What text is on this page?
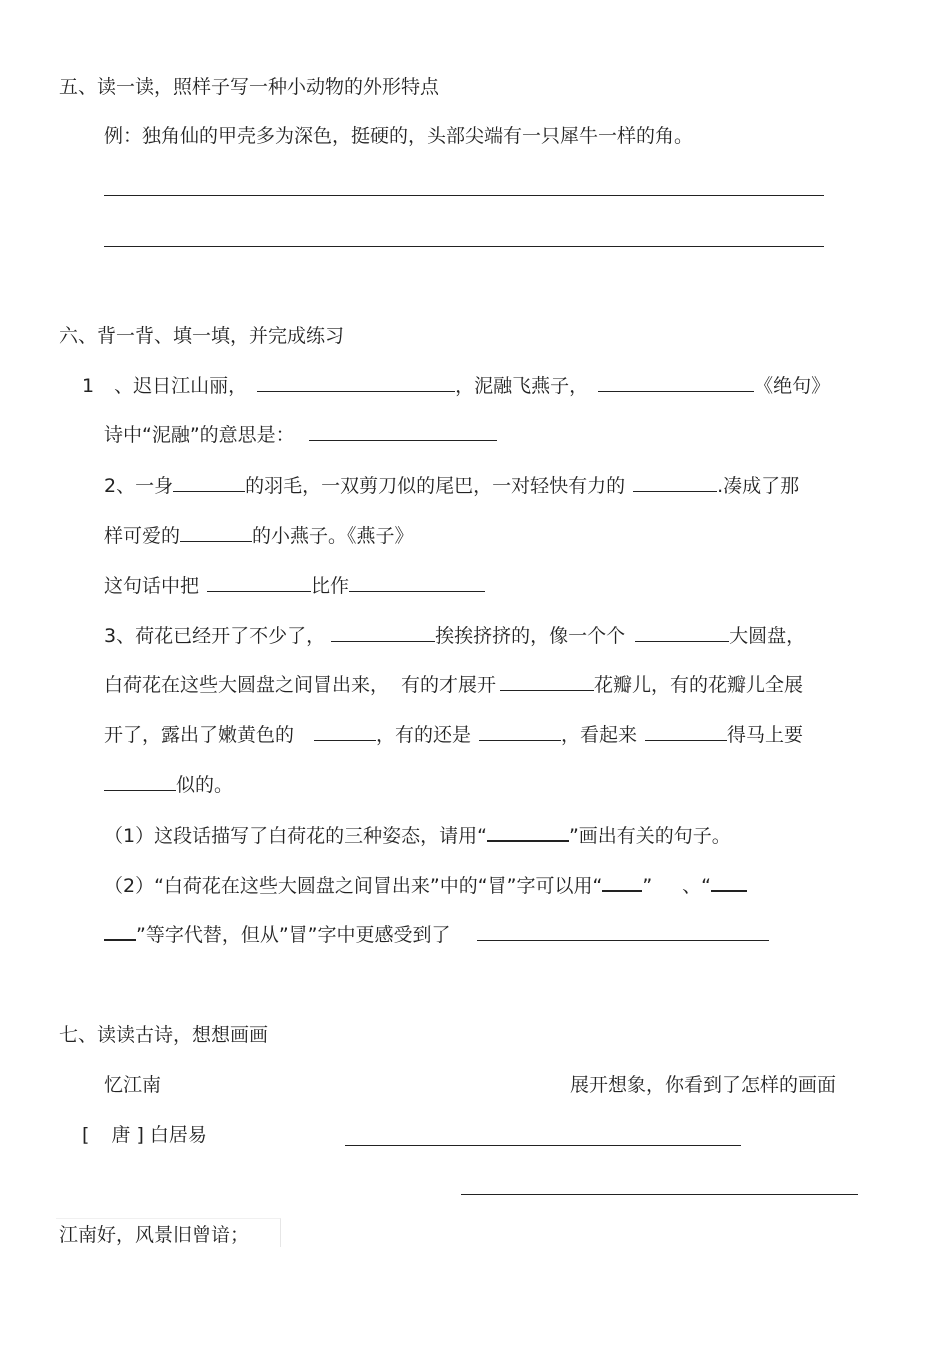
五、读一读，照样子写一种小动物的外形特点
例：独角仙的甲壳多为深色，挺硬的，头部尖端有一只犀牛一样的角。
六、背一背、填一填，并完成练习
1 、迟日江山丽，	，泥融飞燕子，	《绝句》
诗中“泥融”的意思是：
2、一身	的羽毛，一双剪刀似的尾巴，一对轻快有力的	.凑成了那
样可爱的	的小燕子。《燕子》
这句话中把	比作
3、荷花已经开了不少了，	挨挨挤挤的，像一个个	大圆盘，
白荷花在这些大圆盘之间冒出来， 有的才展开	花瓣儿，有的花瓣儿全展
开了，露出了嫩黄色的	，有的还是	，看起来	得马上要
似的。
（1）这段话描写了白荷花的三种姿态，请用“	”画出有关的句子。
（2）“白荷花在这些大圆盘之间冒出来”中的“冒”字可以用“ ” 、“
”等字代替，但从”冒”字中更感受到了
七、读读古诗，想想画画
忆江南	展开想象，你看到了怎样的画面
[ 唐 ] 白居易
江南好，风景旧曾谙；
